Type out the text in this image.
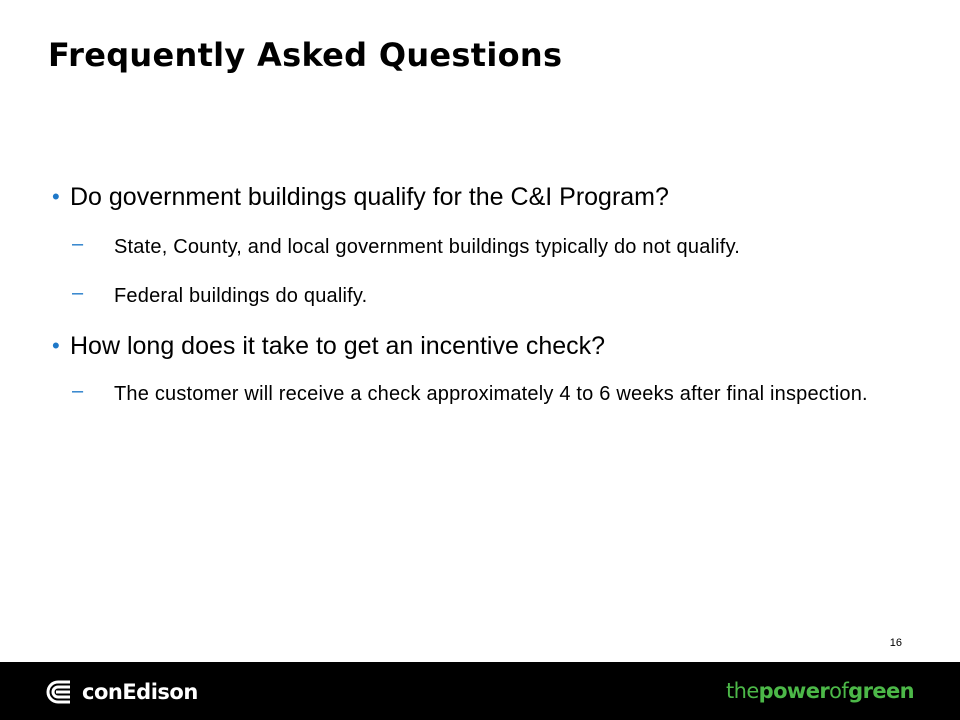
Frequently Asked Questions

• Do government buildings qualify for the C&I Program?

– State, County, and local government buildings typically do not qualify.
– Federal buildings do qualify.

• How long does it take to get an incentive check?

– The customer will receive a check approximately 4 to 6 weeks after final inspection.
16
conEdison	thepowerofgreen
